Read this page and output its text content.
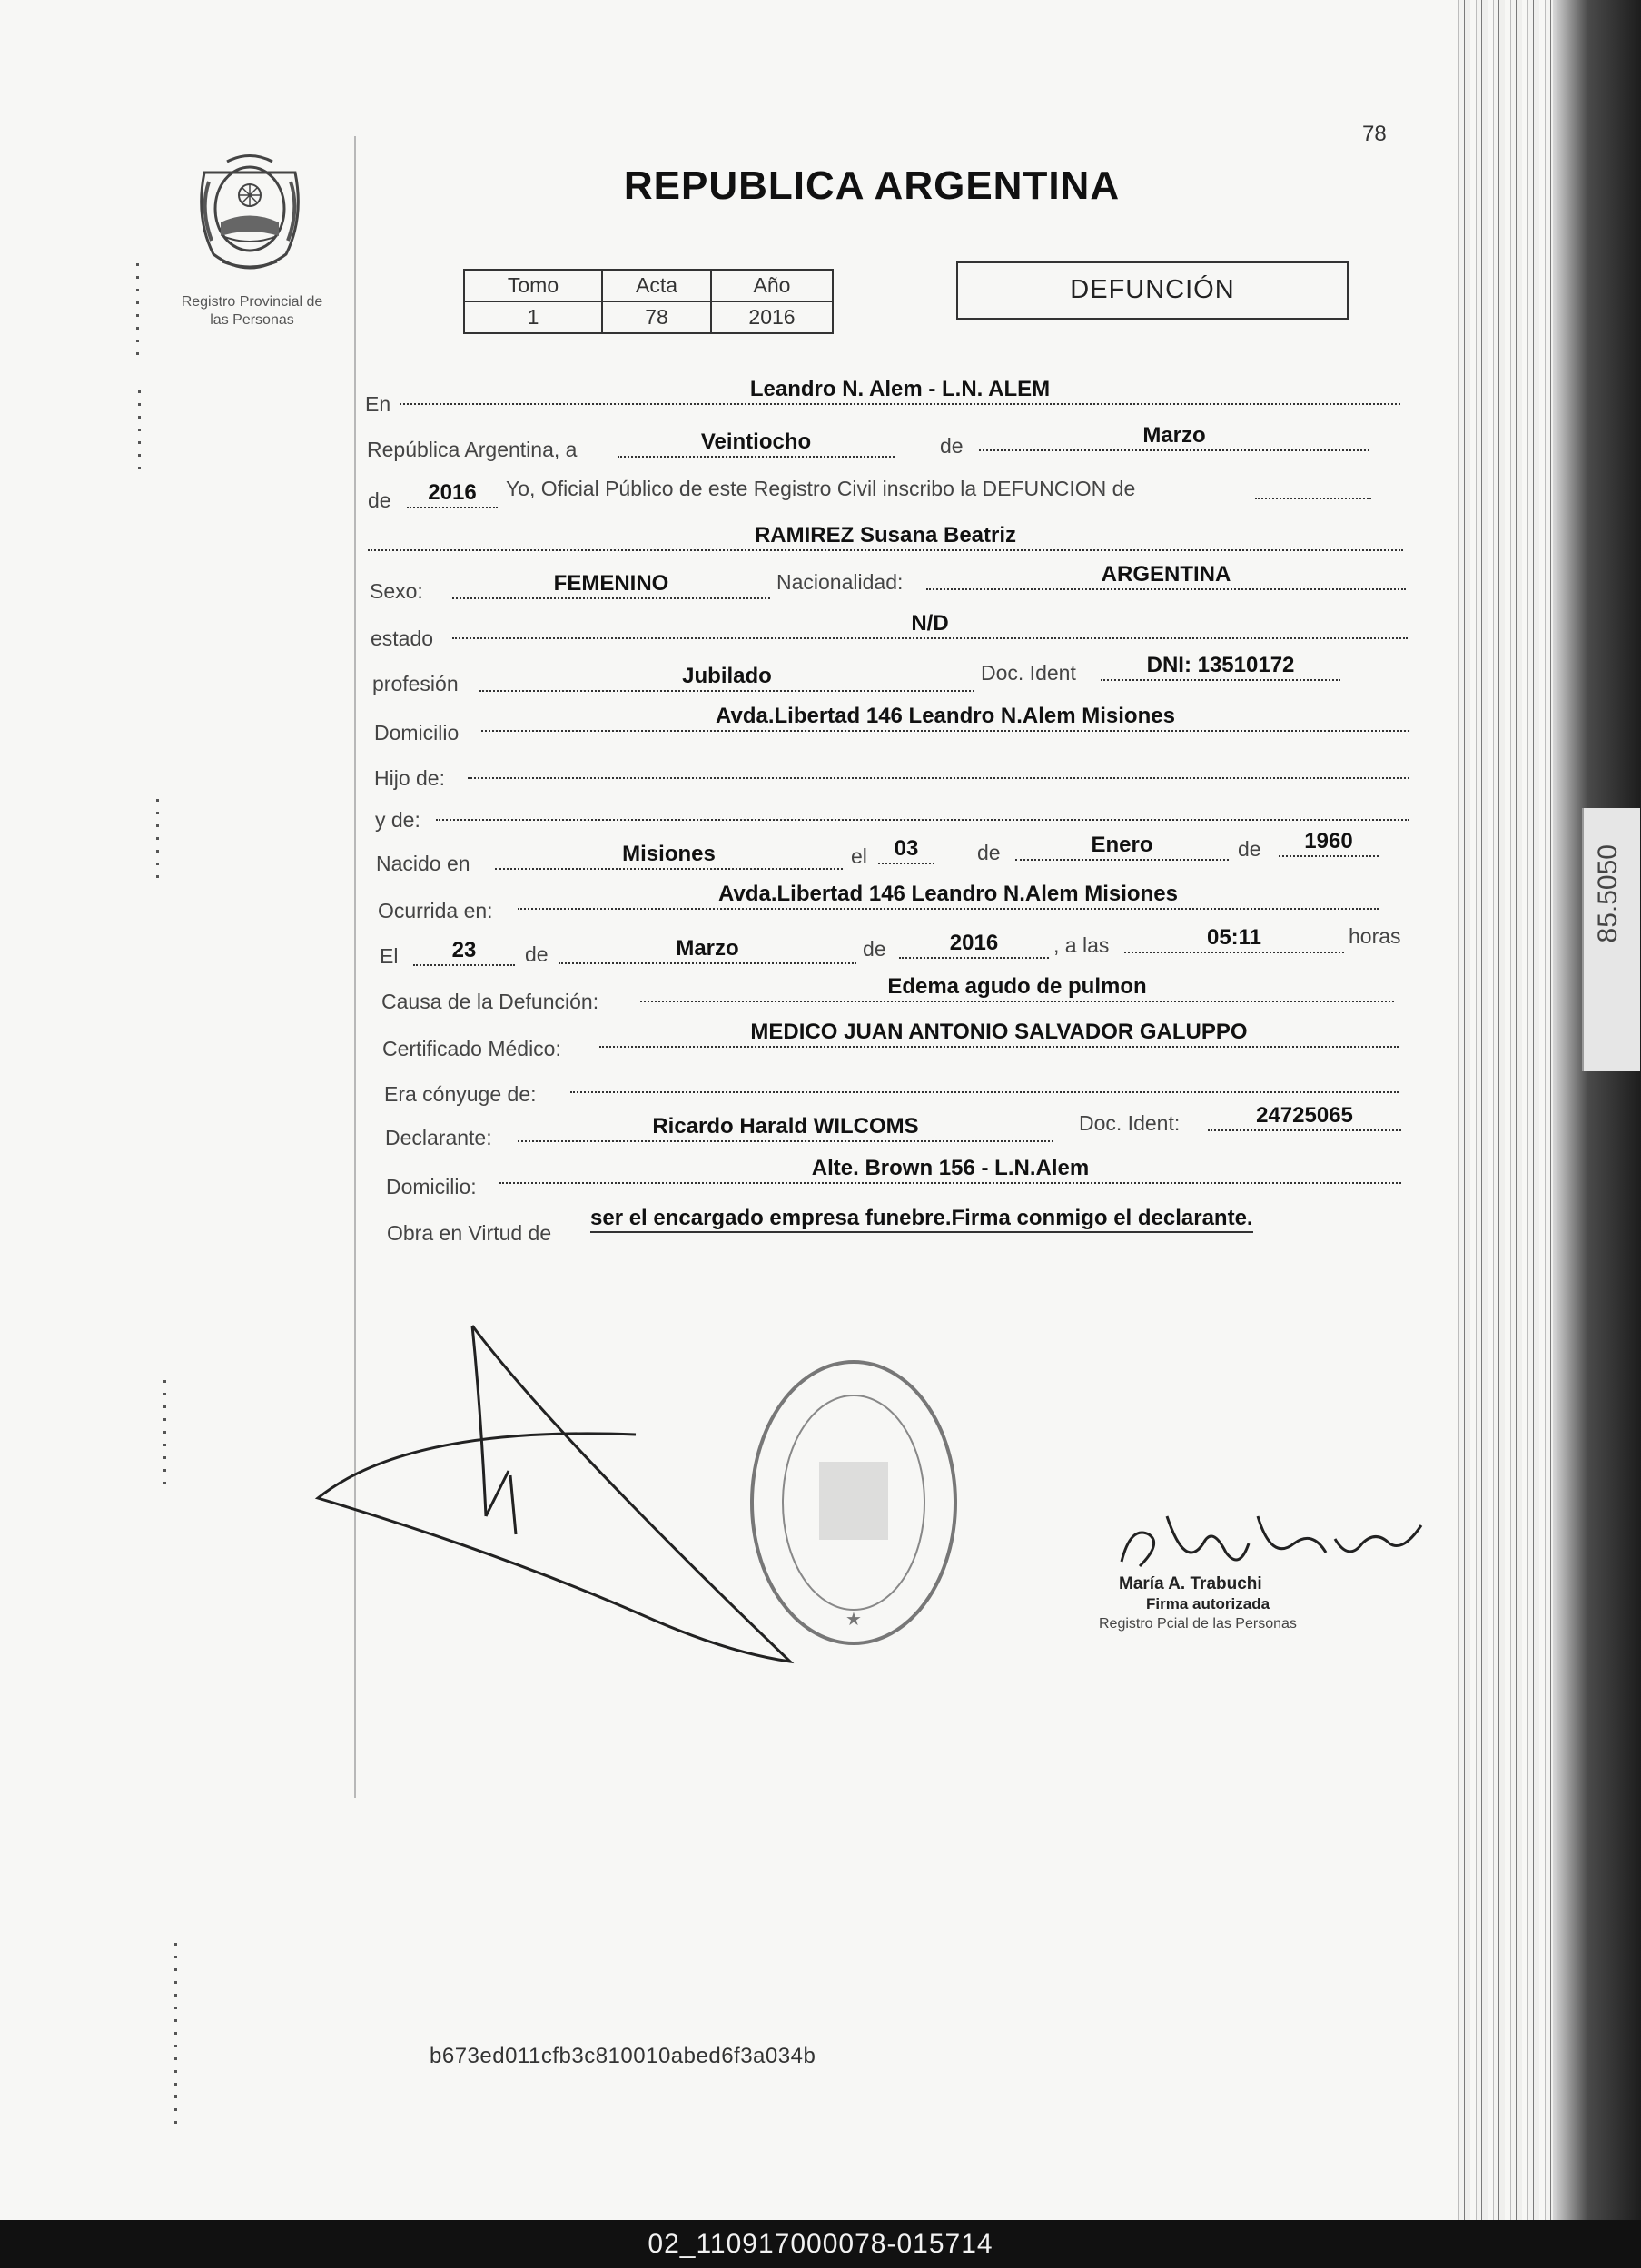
85.5050
78
Registro Provincial de
las Personas
REPUBLICA ARGENTINA
Tomo	Acta	Año
1	78	2016
DEFUNCIÓN
En
Leandro N. Alem - L.N. ALEM
República Argentina, a	Veintiocho	de	Marzo
de	2016	Yo, Oficial Público de este Registro Civil inscribo la DEFUNCION de
RAMIREZ Susana Beatriz
Sexo:	FEMENINO	Nacionalidad:	ARGENTINA
estado
N/D
profesión	Jubilado	Doc. Ident	DNI: 13510172
Domicilio
Avda.Libertad 146 Leandro N.Alem Misiones
Hijo de:
y de:
Nacido en	Misiones	el	03	de	Enero	de	1960
Ocurrida en:
Avda.Libertad 146 Leandro N.Alem Misiones
El	23	de	Marzo	de	2016	, a las	05:11	horas
Causa de la Defunción:
Edema agudo de pulmon
Certificado Médico:
MEDICO JUAN ANTONIO SALVADOR GALUPPO
Era cónyuge de:
Declarante:	Ricardo Harald WILCOMS	Doc. Ident:	24725065
Domicilio:
Alte. Brown 156 - L.N.Alem
Obra en Virtud de
ser el encargado empresa funebre.Firma conmigo el declarante.
★
María A. Trabuchi
Firma autorizada
Registro Pcial de las Personas
b673ed011cfb3c810010abed6f3a034b
02_110917000078-015714
